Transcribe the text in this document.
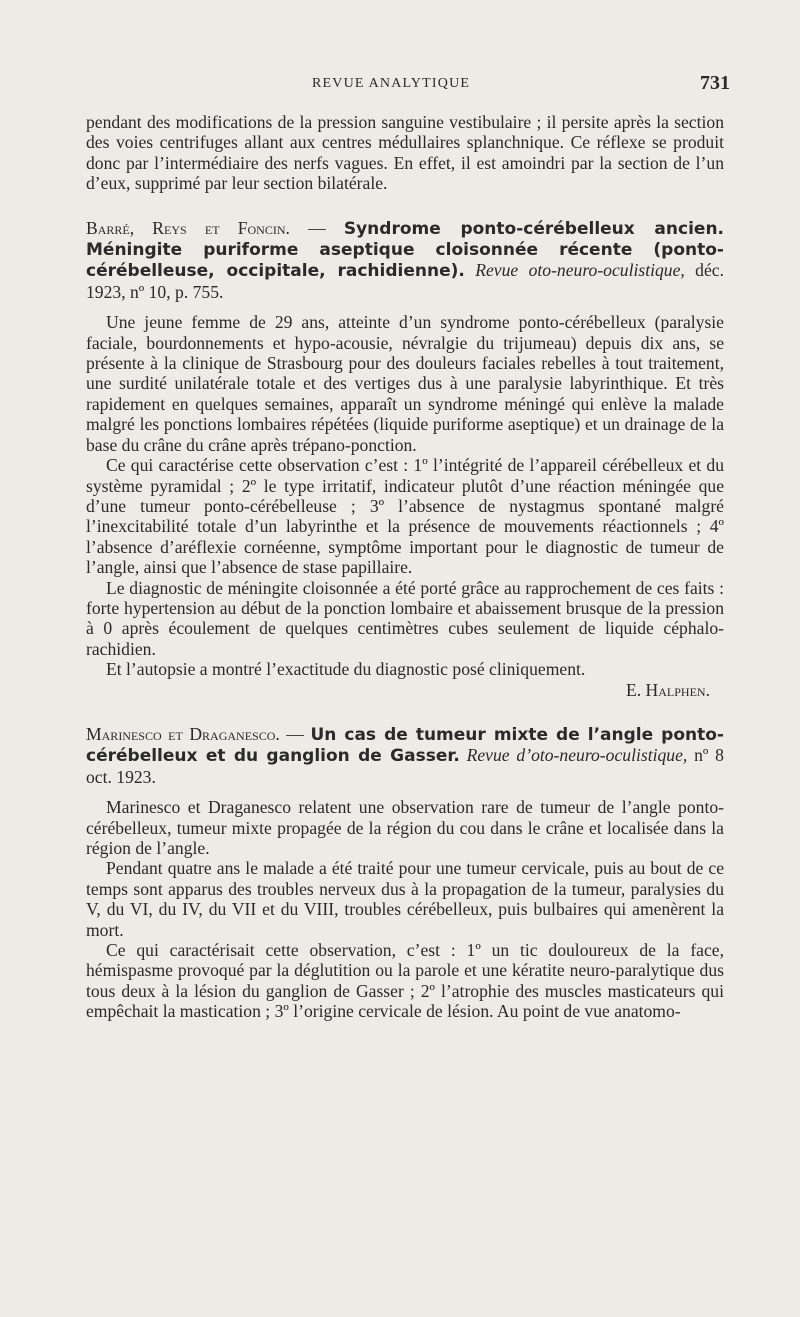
REVUE ANALYTIQUE	731

pendant des modifications de la pression sanguine vestibulaire ; il persite après la section des voies centrifuges allant aux centres médullaires splanchnique. Ce réflexe se produit donc par l’intermédiaire des nerfs vagues. En effet, il est amoindri par la section de l’un d’eux, supprimé par leur section bilatérale.

Barré, Reys et Foncin. — Syndrome ponto-cérébelleux ancien. Méningite puriforme aseptique cloisonnée récente (ponto-cérébelleuse, occipitale, rachidienne). Revue oto-neuro-oculistique, déc. 1923, nº 10, p. 755.

Une jeune femme de 29 ans, atteinte d’un syndrome ponto-cérébelleux (paralysie faciale, bourdonnements et hypo-acousie, névralgie du trijumeau) depuis dix ans, se présente à la clinique de Strasbourg pour des douleurs faciales rebelles à tout traitement, une surdité unilatérale totale et des vertiges dus à une paralysie labyrinthique. Et très rapidement en quelques semaines, apparaît un syndrome méningé qui enlève la malade malgré les ponctions lombaires répétées (liquide puriforme aseptique) et un drainage de la base du crâne du crâne après trépano-ponction.

Ce qui caractérise cette observation c’est : 1º l’intégrité de l’appareil cérébelleux et du système pyramidal ; 2º le type irritatif, indicateur plutôt d’une réaction méningée que d’une tumeur ponto-cérébelleuse ; 3º l’absence de nystagmus spontané malgré l’inexcitabilité totale d’un labyrinthe et la présence de mouvements réactionnels ; 4º l’absence d’aréflexie cornéenne, symptôme important pour le diagnostic de tumeur de l’angle, ainsi que l’absence de stase papillaire.

Le diagnostic de méningite cloisonnée a été porté grâce au rapprochement de ces faits : forte hypertension au début de la ponction lombaire et abaissement brusque de la pression à 0 après écoulement de quelques centimètres cubes seulement de liquide céphalo-rachidien.

Et l’autopsie a montré l’exactitude du diagnostic posé cliniquement.

E. Halphen.

Marinesco et Draganesco. — Un cas de tumeur mixte de l’angle ponto-cérébelleux et du ganglion de Gasser. Revue d’oto-neuro-oculistique, nº 8 oct. 1923.

Marinesco et Draganesco relatent une observation rare de tumeur de l’angle ponto-cérébelleux, tumeur mixte propagée de la région du cou dans le crâne et localisée dans la région de l’angle.

Pendant quatre ans le malade a été traité pour une tumeur cervicale, puis au bout de ce temps sont apparus des troubles nerveux dus à la propagation de la tumeur, paralysies du V, du VI, du IV, du VII et du VIII, troubles cérébelleux, puis bulbaires qui amenèrent la mort.

Ce qui caractérisait cette observation, c’est : 1º un tic douloureux de la face, hémispasme provoqué par la déglutition ou la parole et une kératite neuro-paralytique dus tous deux à la lésion du ganglion de Gasser ; 2º l’atrophie des muscles masticateurs qui empêchait la mastication ; 3º l’origine cervicale de lésion. Au point de vue anatomo-
